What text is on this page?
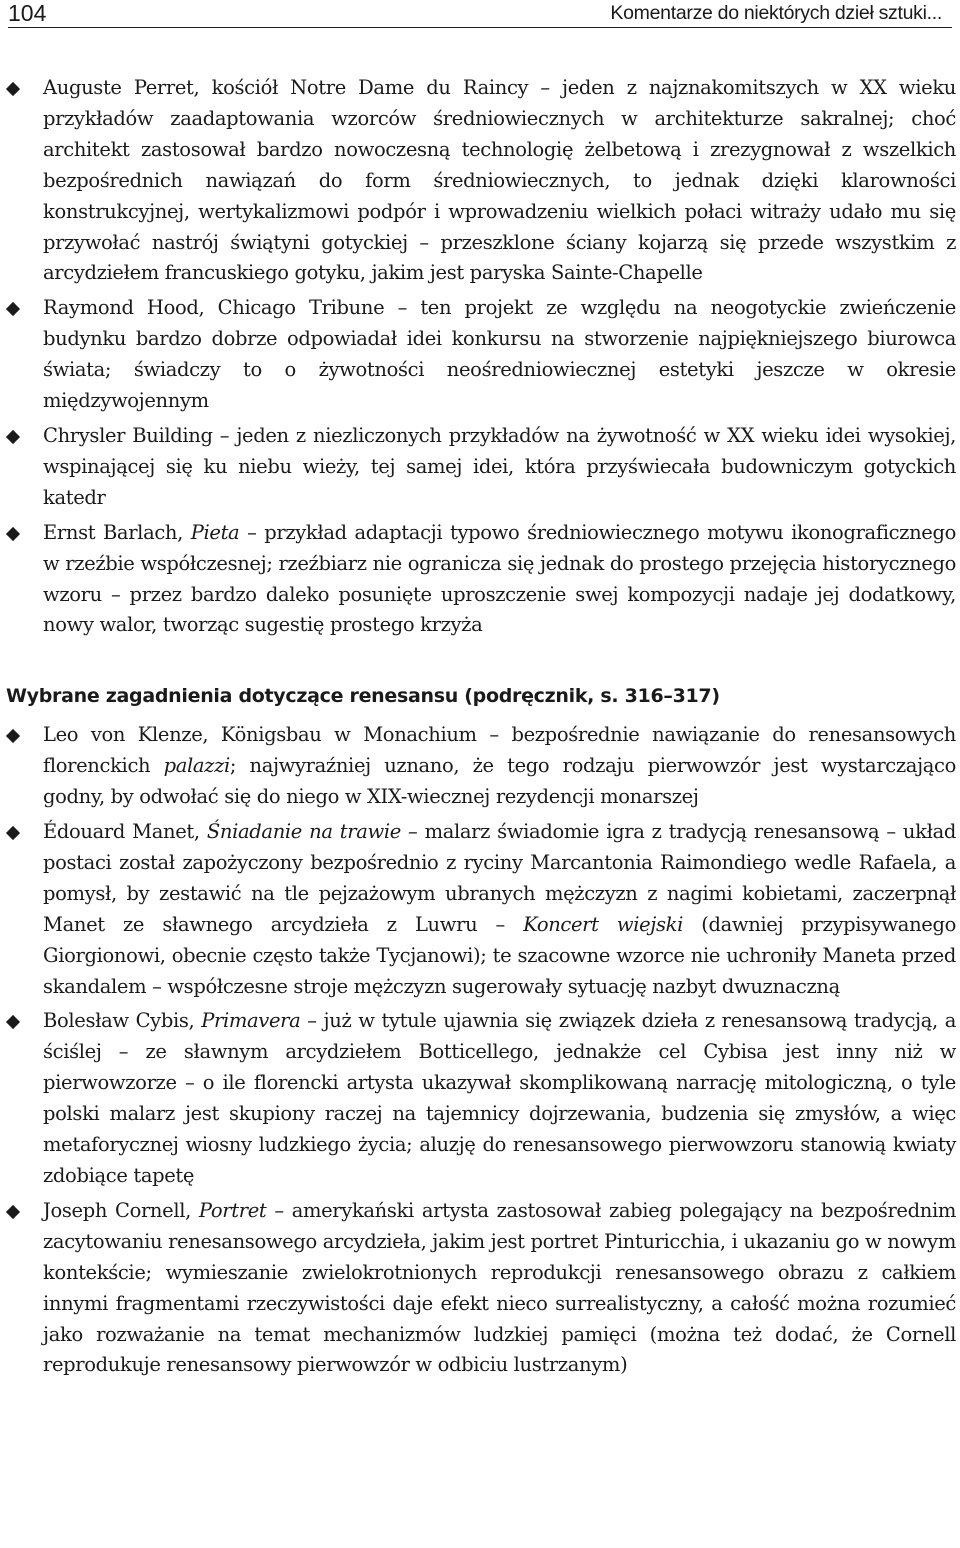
104	Komentarze do niektórych dzieł sztuki...
Auguste Perret, kościół Notre Dame du Raincy – jeden z najznakomitszych w XX wieku przykładów zaadaptowania wzorców średniowiecznych w architekturze sakralnej; choć architekt zastosował bardzo nowoczesną technologię żelbetową i zrezygnował z wszelkich bezpośrednich nawiązań do form średniowiecznych, to jednak dzięki klarowności konstrukcyjnej, wertykalizmowi podpór i wprowadzeniu wielkich połaci witraży udało mu się przywołać nastrój świątyni gotyckiej – przeszklone ściany kojarzą się przede wszystkim z arcydziełem francuskiego gotyku, jakim jest paryska Sainte-Chapelle
Raymond Hood, Chicago Tribune – ten projekt ze względu na neogotyckie zwieńczenie budynku bardzo dobrze odpowiadał idei konkursu na stworzenie najpiękniejszego biurowca świata; świadczy to o żywotności neośredniowiecznej estetyki jeszcze w okresie międzywojennym
Chrysler Building – jeden z niezliczonych przykładów na żywotność w XX wieku idei wysokiej, wspinającej się ku niebu wieży, tej samej idei, która przyświecała budowniczym gotyckich katedr
Ernst Barlach, Pieta – przykład adaptacji typowo średniowiecznego motywu ikonograficznego w rzeźbie współczesnej; rzeźbiarz nie ogranicza się jednak do prostego przejęcia historycznego wzoru – przez bardzo daleko posunięte uproszczenie swej kompozycji nadaje jej dodatkowy, nowy walor, tworząc sugestię prostego krzyża
Wybrane zagadnienia dotyczące renesansu (podręcznik, s. 316–317)
Leo von Klenze, Königsbau w Monachium – bezpośrednie nawiązanie do renesansowych florenckich palazzi; najwyraźniej uznano, że tego rodzaju pierwowzór jest wystarczająco godny, by odwołać się do niego w XIX-wiecznej rezydencji monarszej
Édouard Manet, Śniadanie na trawie – malarz świadomie igra z tradycją renesansową – układ postaci został zapożyczony bezpośrednio z ryciny Marcantonia Raimondiego wedle Rafaela, a pomysł, by zestawić na tle pejzażowym ubranych mężczyzn z nagimi kobietami, zaczerpnął Manet ze sławnego arcydzieła z Luwru – Koncert wiejski (dawniej przypisywanego Giorgionowi, obecnie często także Tycjanowi); te szacowne wzorce nie uchroniły Maneta przed skandalem – współczesne stroje mężczyzn sugerowały sytuację nazbyt dwuznaczną
Bolesław Cybis, Primavera – już w tytule ujawnia się związek dzieła z renesansową tradycją, a ściślej – ze sławnym arcydziełem Botticellego, jednakże cel Cybisa jest inny niż w pierwowzorze – o ile florencki artysta ukazywał skomplikowaną narrację mitologiczną, o tyle polski malarz jest skupiony raczej na tajemnicy dojrzewania, budzenia się zmysłów, a więc metaforycznej wiosny ludzkiego życia; aluzję do renesansowego pierwowzoru stanowią kwiaty zdobiące tapetę
Joseph Cornell, Portret – amerykański artysta zastosował zabieg polegający na bezpośrednim zacytowaniu renesansowego arcydzieła, jakim jest portret Pinturicchia, i ukazaniu go w nowym kontekście; wymieszanie zwielokrotnionych reprodukcji renesansowego obrazu z całkiem innymi fragmentami rzeczywistości daje efekt nieco surrealistyczny, a całość można rozumieć jako rozważanie na temat mechanizmów ludzkiej pamięci (można też dodać, że Cornell reprodukuje renesansowy pierwowzór w odbiciu lustrzanym)
